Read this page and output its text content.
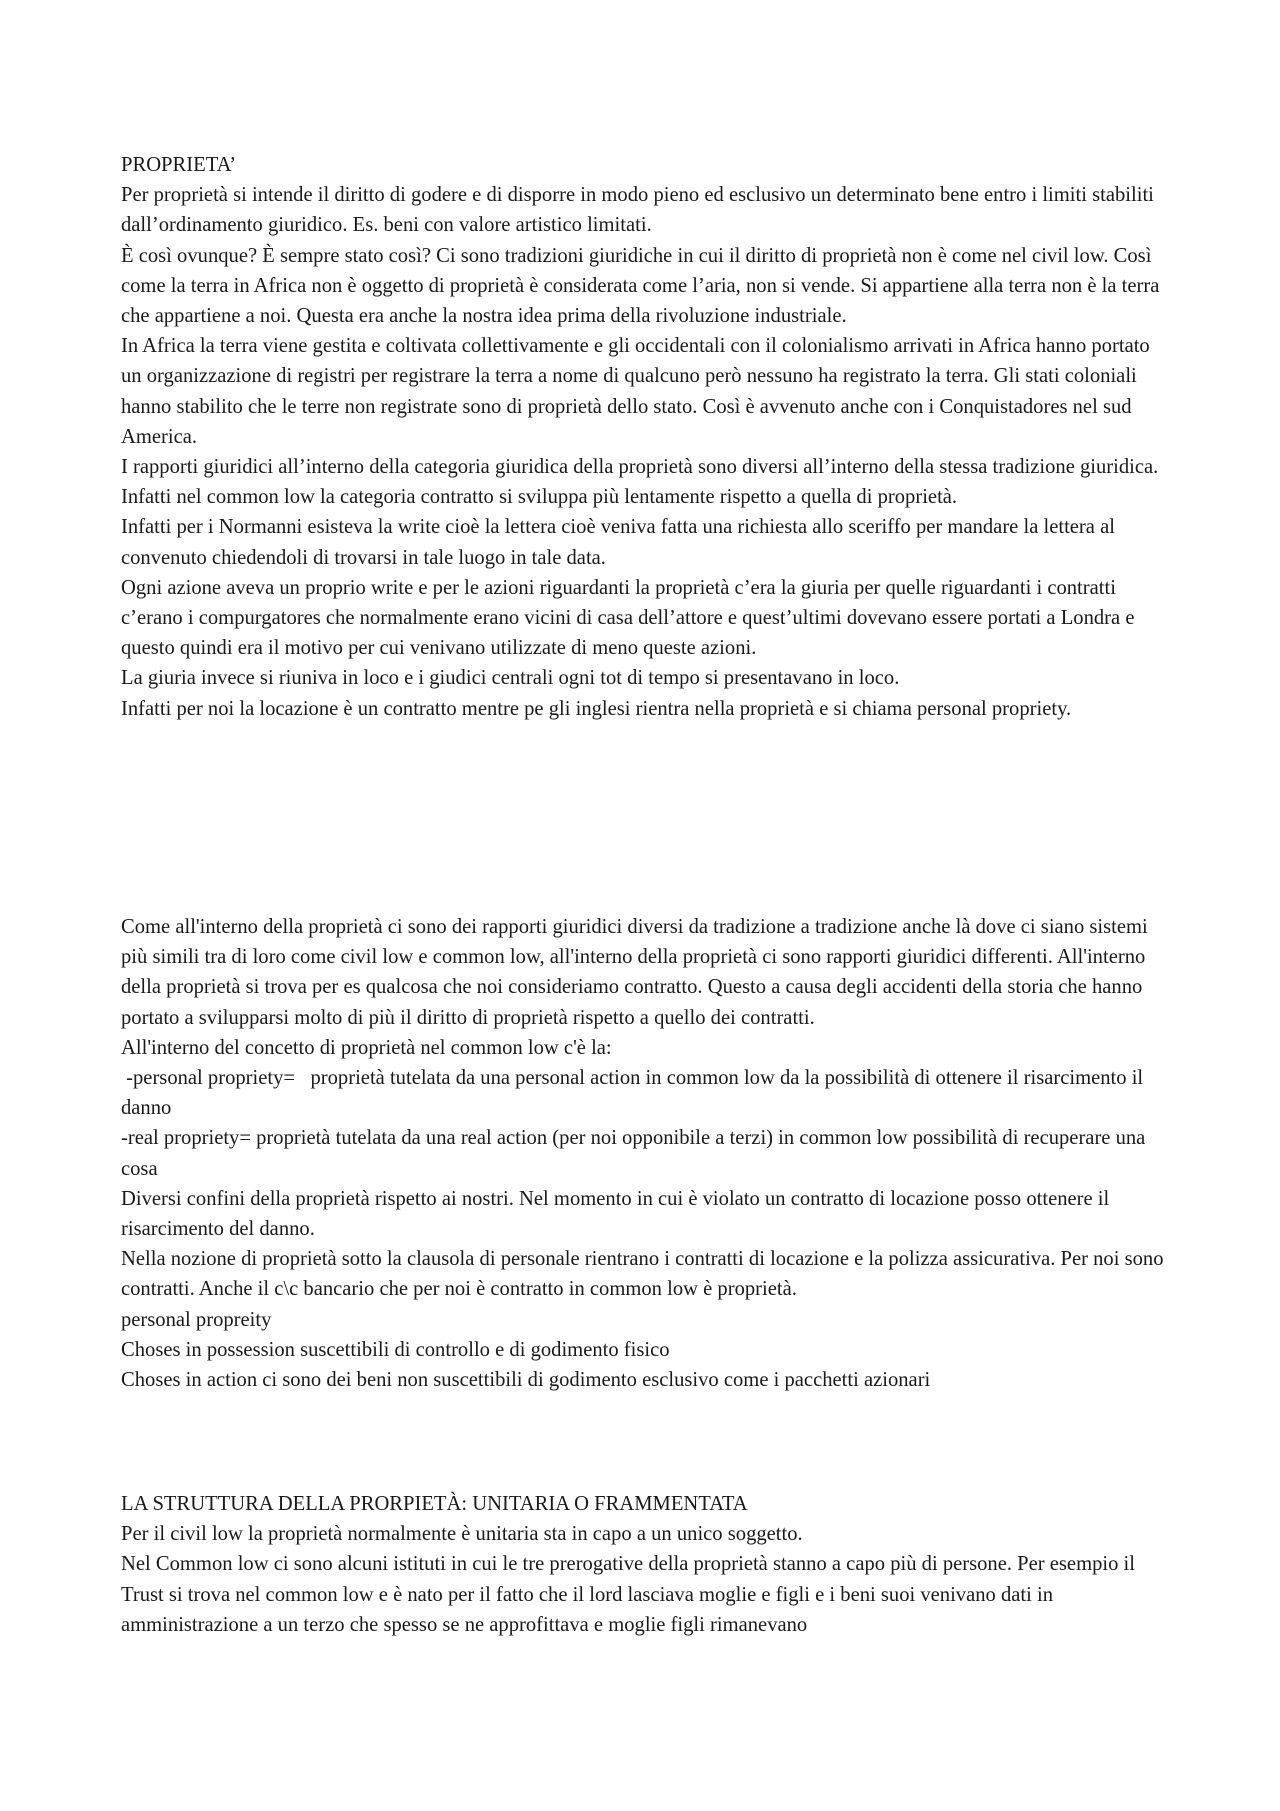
PROPRIETA’

Per proprietà si intende il diritto di godere e di disporre in modo pieno ed esclusivo un determinato bene entro i limiti stabiliti dall’ordinamento giuridico. Es. beni con valore artistico limitati.

È così ovunque? È sempre stato così? Ci sono tradizioni giuridiche in cui il diritto di proprietà non è come nel civil low. Così come la terra in Africa non è oggetto di proprietà è considerata come l’aria, non si vende. Si appartiene alla terra non è la terra che appartiene a noi. Questa era anche la nostra idea prima della rivoluzione industriale.

In Africa la terra viene gestita e coltivata collettivamente e gli occidentali con il colonialismo arrivati in Africa hanno portato un organizzazione di registri per registrare la terra a nome di qualcuno però nessuno ha registrato la terra. Gli stati coloniali hanno stabilito che le terre non registrate sono di proprietà dello stato. Così è avvenuto anche con i Conquistadores nel sud America.

I rapporti giuridici all’interno della categoria giuridica della proprietà sono diversi all’interno della stessa tradizione giuridica. Infatti nel common low la categoria contratto si sviluppa più lentamente rispetto a quella di proprietà.

Infatti per i Normanni esisteva la write cioè la lettera cioè veniva fatta una richiesta allo sceriffo per mandare la lettera al convenuto chiedendoli di trovarsi in tale luogo in tale data.

Ogni azione aveva un proprio write e per le azioni riguardanti la proprietà c’era la giuria per quelle riguardanti i contratti c’erano i compurgatores che normalmente erano vicini di casa dell’attore e quest’ultimi dovevano essere portati a Londra e questo quindi era il motivo per cui venivano utilizzate di meno queste azioni.

La giuria invece si riuniva in loco e i giudici centrali ogni tot di tempo si presentavano in loco.

Infatti per noi la locazione è un contratto mentre pe gli inglesi rientra nella proprietà e si chiama personal propriety.

Come all'interno della proprietà ci sono dei rapporti giuridici diversi da tradizione a tradizione anche là dove ci siano sistemi più simili tra di loro come civil low e common low, all'interno della proprietà ci sono rapporti giuridici differenti. All'interno della proprietà si trova per es qualcosa che noi consideriamo contratto. Questo a causa degli accidenti della storia che hanno portato a svilupparsi molto di più il diritto di proprietà rispetto a quello dei contratti.

All'interno del concetto di proprietà nel common low c'è la:

-personal propriety=   proprietà tutelata da una personal action in common low da la possibilità di ottenere il risarcimento il danno

-real propriety= proprietà tutelata da una real action (per noi opponibile a terzi) in common low possibilità di recuperare una cosa

Diversi confini della proprietà rispetto ai nostri. Nel momento in cui è violato un contratto di locazione posso ottenere il risarcimento del danno.

Nella nozione di proprietà sotto la clausola di personale rientrano i contratti di locazione e la polizza assicurativa. Per noi sono contratti. Anche il c\c bancario che per noi è contratto in common low è proprietà.

personal propreity

Choses in possession suscettibili di controllo e di godimento fisico

Choses in action ci sono dei beni non suscettibili di godimento esclusivo come i pacchetti azionari

LA STRUTTURA DELLA PRORPIETÀ: UNITARIA O FRAMMENTATA

Per il civil low la proprietà normalmente è unitaria sta in capo a un unico soggetto.

Nel Common low ci sono alcuni istituti in cui le tre prerogative della proprietà stanno a capo più di persone. Per esempio il Trust si trova nel common low e è nato per il fatto che il lord lasciava moglie e figli e i beni suoi venivano dati in amministrazione a un terzo che spesso se ne approfittava e moglie figli rimanevano
